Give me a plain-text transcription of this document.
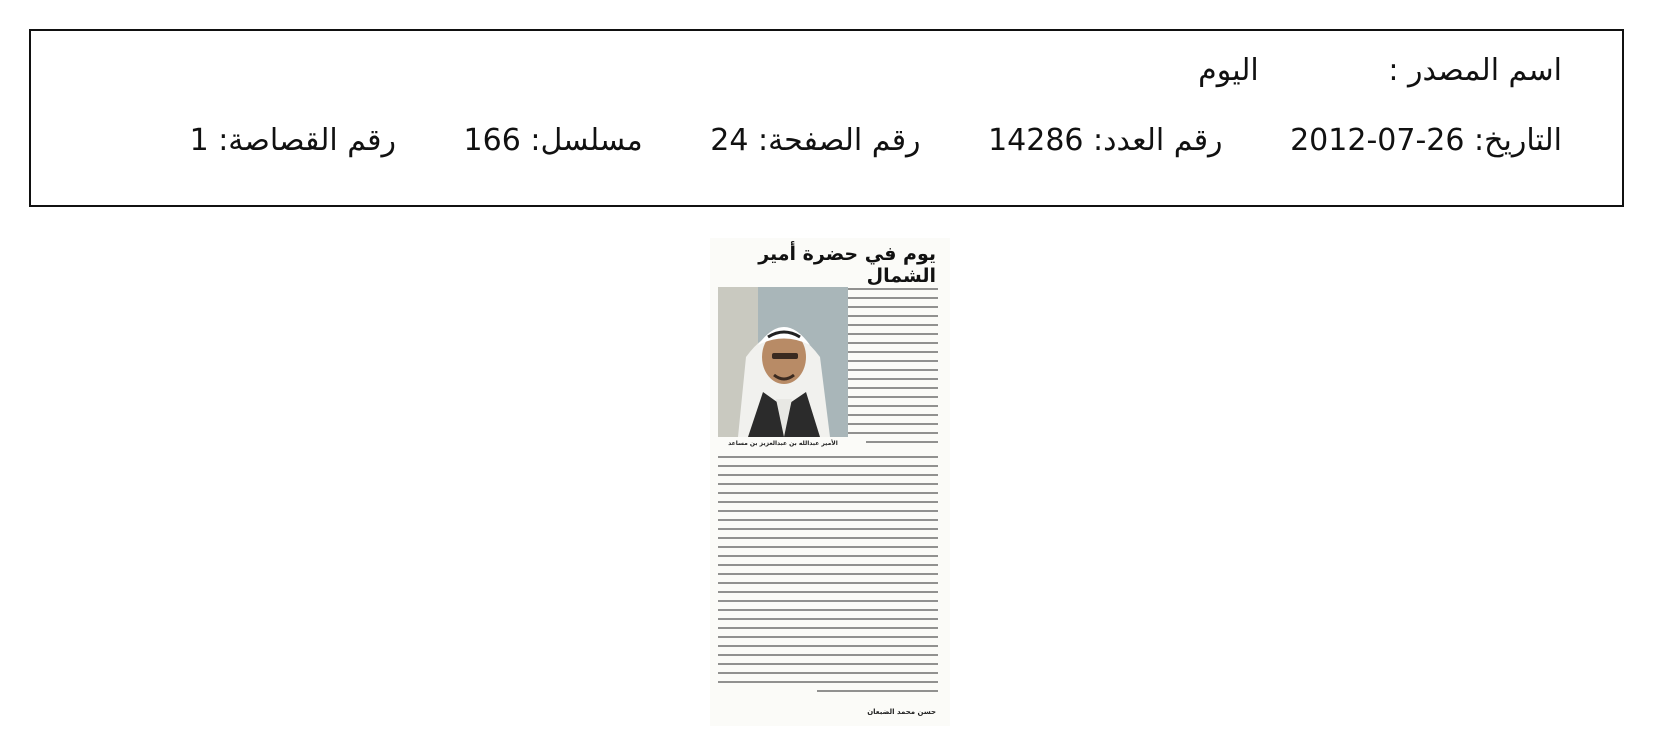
اسم المصدر : اليوم
التاريخ: 26-07-2012 رقم العدد: 14286 رقم الصفحة: 24 مسلسل: 166 رقم القصاصة: 1
يوم في حضرة أمير الشمال
الأمير عبدالله بن عبدالعزيز بن مساعد
حسن محمد الضبعان
